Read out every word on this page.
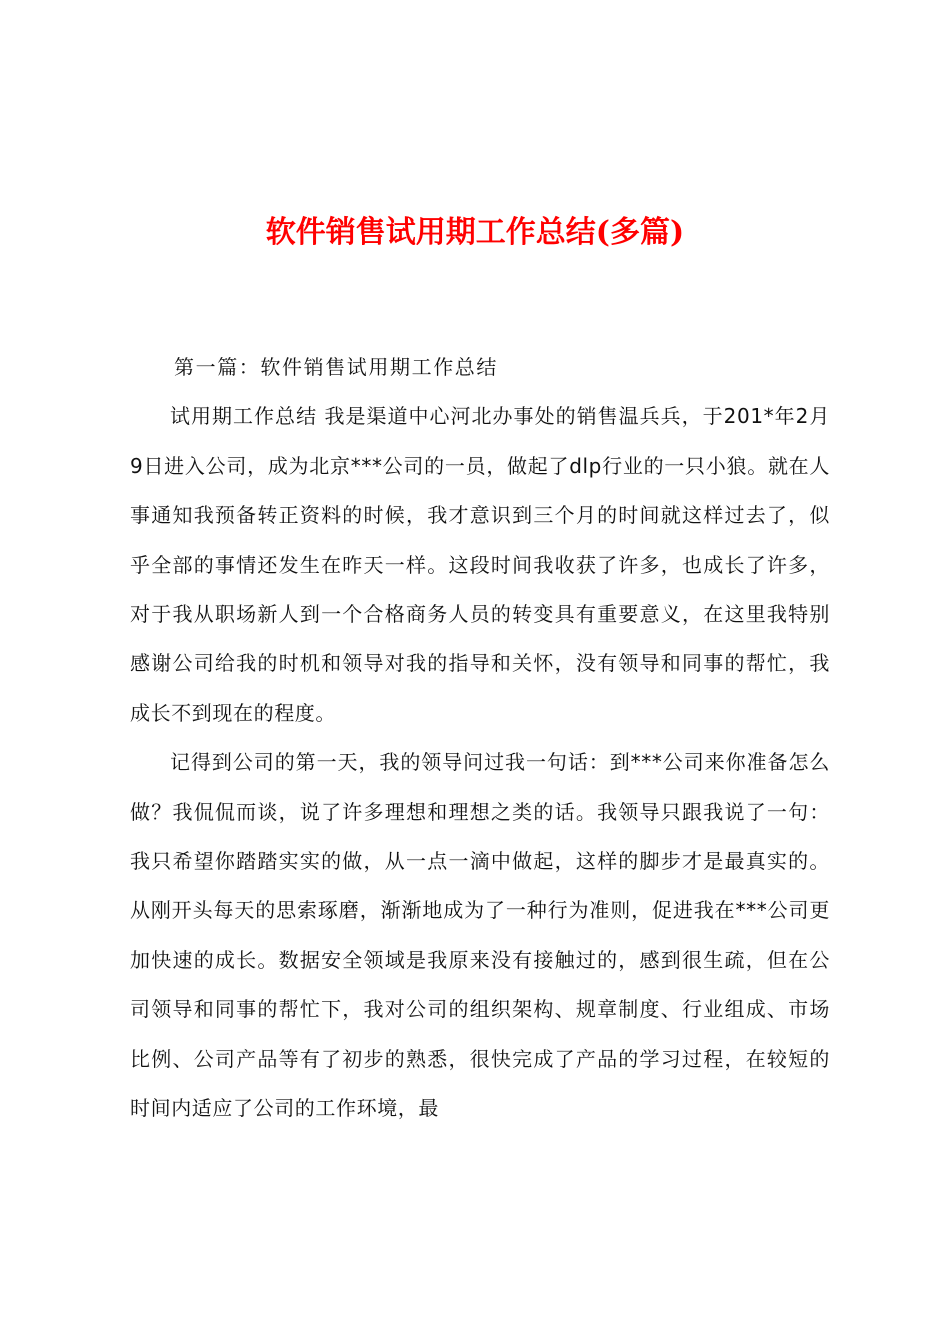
软件销售试用期工作总结(多篇)

第一篇：软件销售试用期工作总结

试用期工作总结 我是渠道中心河北办事处的销售温兵兵，于201*年2月9日进入公司，成为北京***公司的一员，做起了dlp行业的一只小狼。就在人事通知我预备转正资料的时候，我才意识到三个月的时间就这样过去了，似乎全部的事情还发生在昨天一样。这段时间我收获了许多，也成长了许多，对于我从职场新人到一个合格商务人员的转变具有重要意义，在这里我特别感谢公司给我的时机和领导对我的指导和关怀，没有领导和同事的帮忙，我成长不到现在的程度。

记得到公司的第一天，我的领导问过我一句话：到***公司来你准备怎么做？我侃侃而谈，说了许多理想和理想之类的话。我领导只跟我说了一句：我只希望你踏踏实实的做，从一点一滴中做起，这样的脚步才是最真实的。从刚开头每天的思索琢磨，渐渐地成为了一种行为准则，促进我在***公司更加快速的成长。数据安全领域是我原来没有接触过的，感到很生疏，但在公司领导和同事的帮忙下，我对公司的组织架构、规章制度、行业组成、市场比例、公司产品等有了初步的熟悉，很快完成了产品的学习过程，在较短的时间内适应了公司的工作环境，最
